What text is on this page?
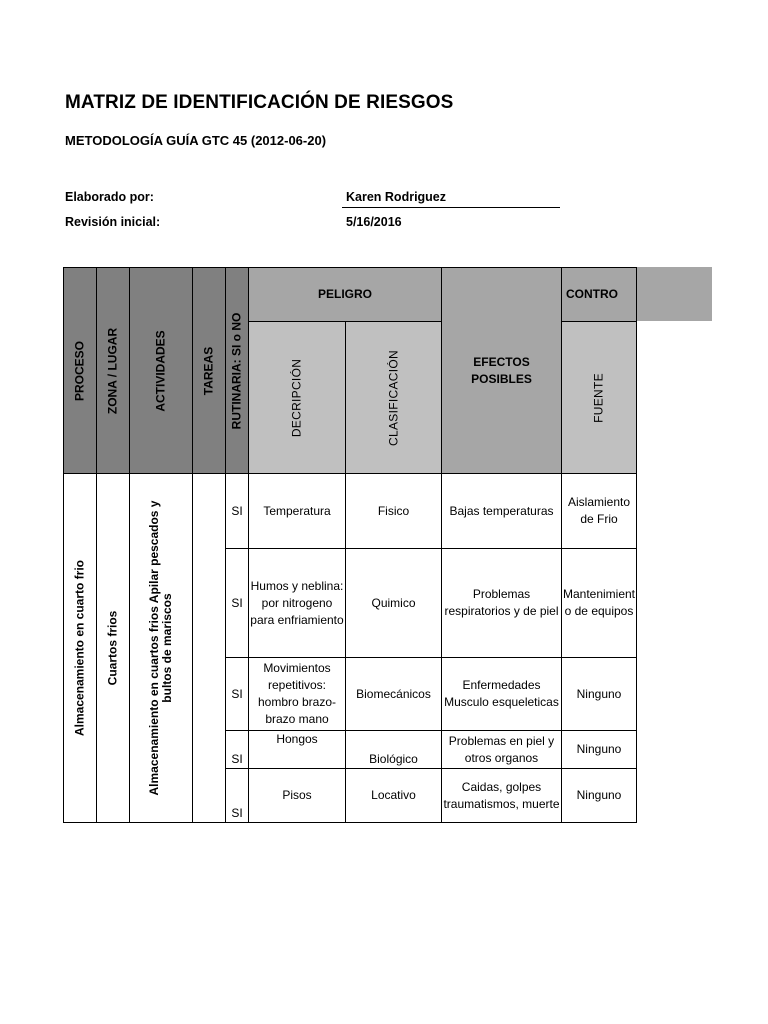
MATRIZ DE IDENTIFICACIÓN DE RIESGOS
METODOLOGÍA GUÍA GTC 45 (2012-06-20)
Elaborado por:	Karen Rodriguez
Revisión inicial:	5/16/2016
PROCESO	ZONA / LUGAR	ACTIVIDADES	TAREAS	RUTINARIA: SI o NO	PELIGRO		EFECTOS POSIBLES	CONTRO

					DECRIPCIÓN	CLASIFICACIÓN		FUENTE

Almacenamiento en cuarto frio	Cuartos frios	Almacenamiento en cuartos frios Apilar pescados y bultos de mariscos		SI	Temperatura	Fisico	Bajas temperaturas	Aislamiento de Frio
				SI	Humos y neblina: por nitrogeno para enfriamiento	Quimico	Problemas respiratorios y de piel	Mantenimiento de equipos
				SI	Movimientos repetitivos: hombro brazo-brazo mano	Biomecánicos	Enfermedades Musculo esqueleticas	Ninguno
				SI	Hongos	Biológico	Problemas en piel y otros organos	Ninguno
				SI	Pisos	Locativo	Caidas, golpes traumatismos, muerte	Ninguno
